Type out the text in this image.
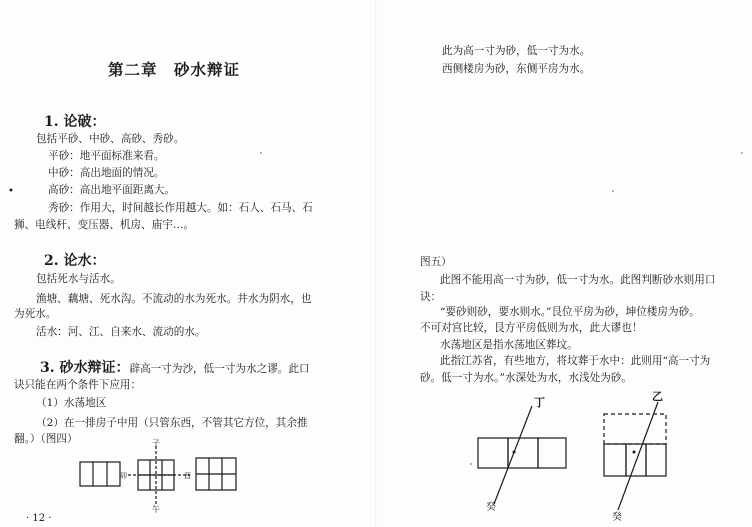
第二章　砂水辩证
1. 论破：
包括平砂、中砂、高砂、秀砂。
平砂：地平面标准来看。
中砂：高出地面的情况。
•	高砂：高出地平面距离大。
秀砂：作用大，时间越长作用越大。如：石人、石马、石
狮、电线杆、变压器、机房、庙宇…。
2. 论水：
包括死水与活水。
渔塘、藕塘、死水沟。不流动的水为死水。井水为阴水，也
为死水。
活水：河、江、自来水、流动的水。
3. 砂水辩证：辟高一寸为沙，低一寸为水之谬。此口
诀只能在两个条件下应用：
（1）水荡地区
（2）在一排房子中用（只管东西，不管其它方位，其余推
翻。）（图四）	子
午
卯	酉
· 12 ·
此为高一寸为砂，低一寸为水。
西侧楼房为砂，东侧平房为水。
图五）
此图不能用高一寸为砂，低一寸为水。此图判断砂水则用口
诀：
“要砂则砂，要水则水。”艮位平房为砂，坤位楼房为砂。
不可对宫比较，艮方平房低则为水，此大谬也！
水荡地区是指水荡地区葬坟。
此指江苏省，有些地方，将坟葬于水中：此则用“高一寸为
砂。低一寸为水。”水深处为水，水浅处为砂。
丁
癸
乙
癸
